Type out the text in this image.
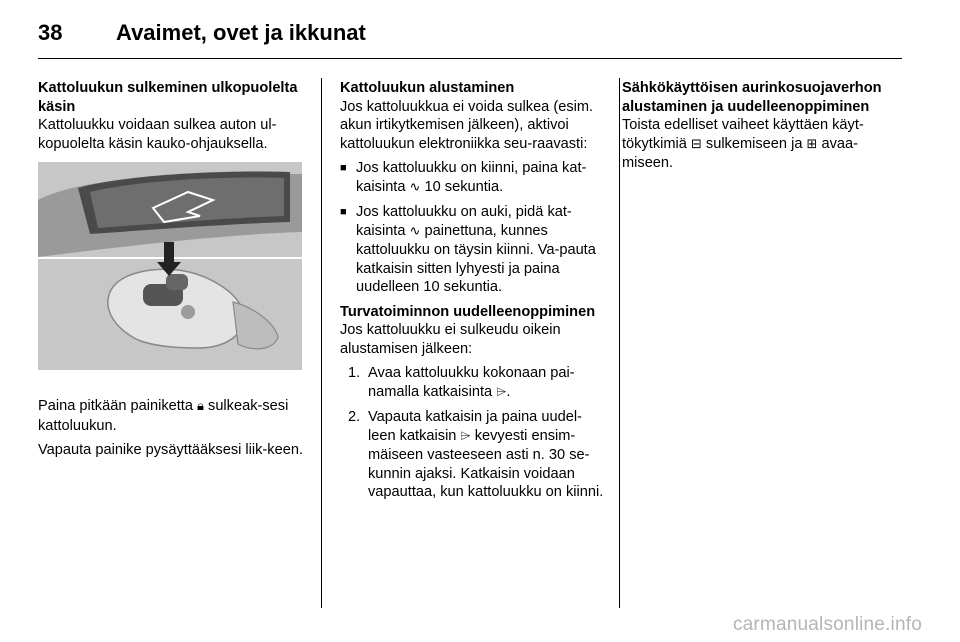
38 Avaimet, ovet ja ikkunat
Kattoluukun sulkeminen ulkopuolelta käsin

Kattoluukku voidaan sulkea auton ul-kopuolelta käsin kauko-ohjauksella.

Paina pitkään painiketta 🔒︎ sulkeak-sesi kattoluukun.

Vapauta painike pysäyttääksesi liik-keen.

Kattoluukun alustaminen

Jos kattoluukkua ei voida sulkea (esim. akun irtikytkemisen jälkeen), aktivoi kattoluukun elektroniikka seu-raavasti:

■ Jos kattoluukku on kiinni, paina kat-kaisinta ∿ 10 sekuntia.
■ Jos kattoluukku on auki, pidä kat-kaisinta ∿ painettuna, kunnes kattoluukku on täysin kiinni. Va-pauta katkaisin sitten lyhyesti ja paina uudelleen 10 sekuntia.
Turvatoiminnon uudelleenoppiminen

Jos kattoluukku ei sulkeudu oikein alustamisen jälkeen:

1. Avaa kattoluukku kokonaan pai-namalla katkaisinta ⌲.
2. Vapauta katkaisin ja paina uudel-leen katkaisin ⌲ kevyesti ensim-mäiseen vasteeseen asti n. 30 se-kunnin ajaksi. Katkaisin voidaan vapauttaa, kun kattoluukku on kiinni.
Sähkökäyttöisen aurinkosuojaverhon alustaminen ja uudelleenoppiminen

Toista edelliset vaiheet käyttäen käyt-tökytkimiä ⊟ sulkemiseen ja ⊞ avaa-miseen.

carmanualsonline.info
